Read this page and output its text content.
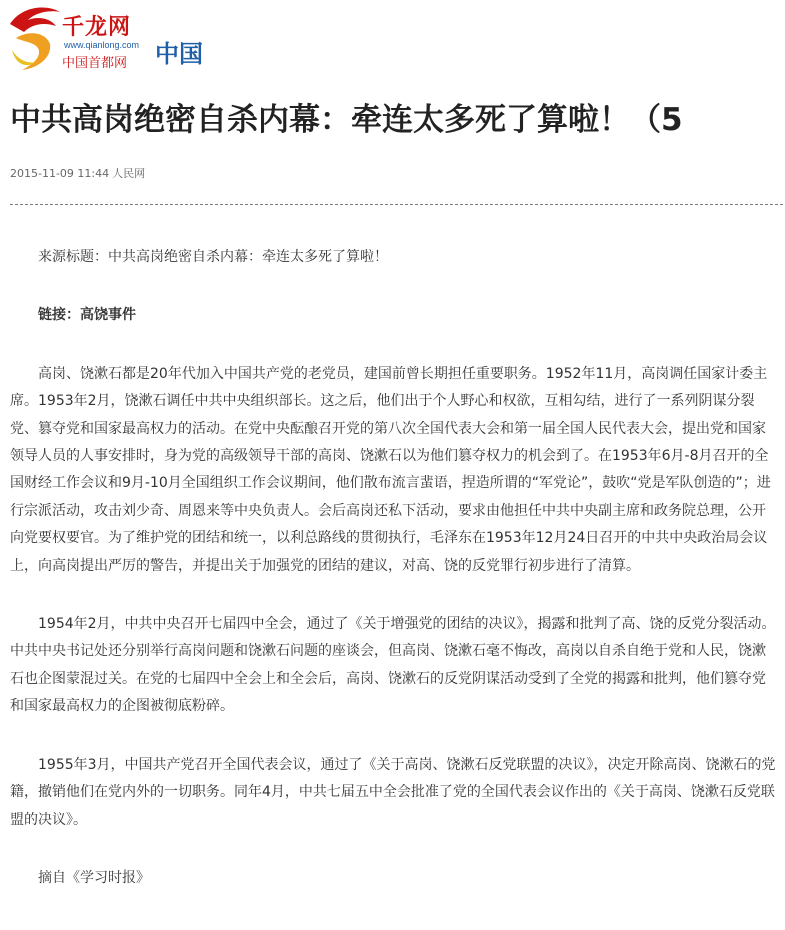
千龙网
www.qianlong.com
中国首都网 中国
中共高岗绝密自杀内幕：牵连太多死了算啦！（5
2015-11-09 11:44 人民网

来源标题：中共高岗绝密自杀内幕：牵连太多死了算啦！

链接：高饶事件

高岗、饶漱石都是20年代加入中国共产党的老党员，建国前曾长期担任重要职务。1952年11月，高岗调任国家计委主席。1953年2月，饶漱石调任中共中央组织部长。这之后，他们出于个人野心和权欲，互相勾结，进行了一系列阴谋分裂党、篡夺党和国家最高权力的活动。在党中央酝酿召开党的第八次全国代表大会和第一届全国人民代表大会，提出党和国家领导人员的人事安排时，身为党的高级领导干部的高岗、饶漱石以为他们篡夺权力的机会到了。在1953年6月-8月召开的全国财经工作会议和9月-10月全国组织工作会议期间，他们散布流言蜚语，捏造所谓的“军党论”，鼓吹“党是军队创造的”；进行宗派活动，攻击刘少奇、周恩来等中央负责人。会后高岗还私下活动，要求由他担任中共中央副主席和政务院总理，公开向党要权要官。为了维护党的团结和统一，以利总路线的贯彻执行，毛泽东在1953年12月24日召开的中共中央政治局会议上，向高岗提出严厉的警告，并提出关于加强党的团结的建议，对高、饶的反党罪行初步进行了清算。

1954年2月，中共中央召开七届四中全会，通过了《关于增强党的团结的决议》，揭露和批判了高、饶的反党分裂活动。中共中央书记处还分别举行高岗问题和饶漱石问题的座谈会，但高岗、饶漱石毫不悔改，高岗以自杀自绝于党和人民，饶漱石也企图蒙混过关。在党的七届四中全会上和全会后，高岗、饶漱石的反党阴谋活动受到了全党的揭露和批判，他们篡夺党和国家最高权力的企图被彻底粉碎。

1955年3月，中国共产党召开全国代表会议，通过了《关于高岗、饶漱石反党联盟的决议》，决定开除高岗、饶漱石的党籍，撤销他们在党内外的一切职务。同年4月，中共七届五中全会批准了党的全国代表会议作出的《关于高岗、饶漱石反党联盟的决议》。

摘自《学习时报》
